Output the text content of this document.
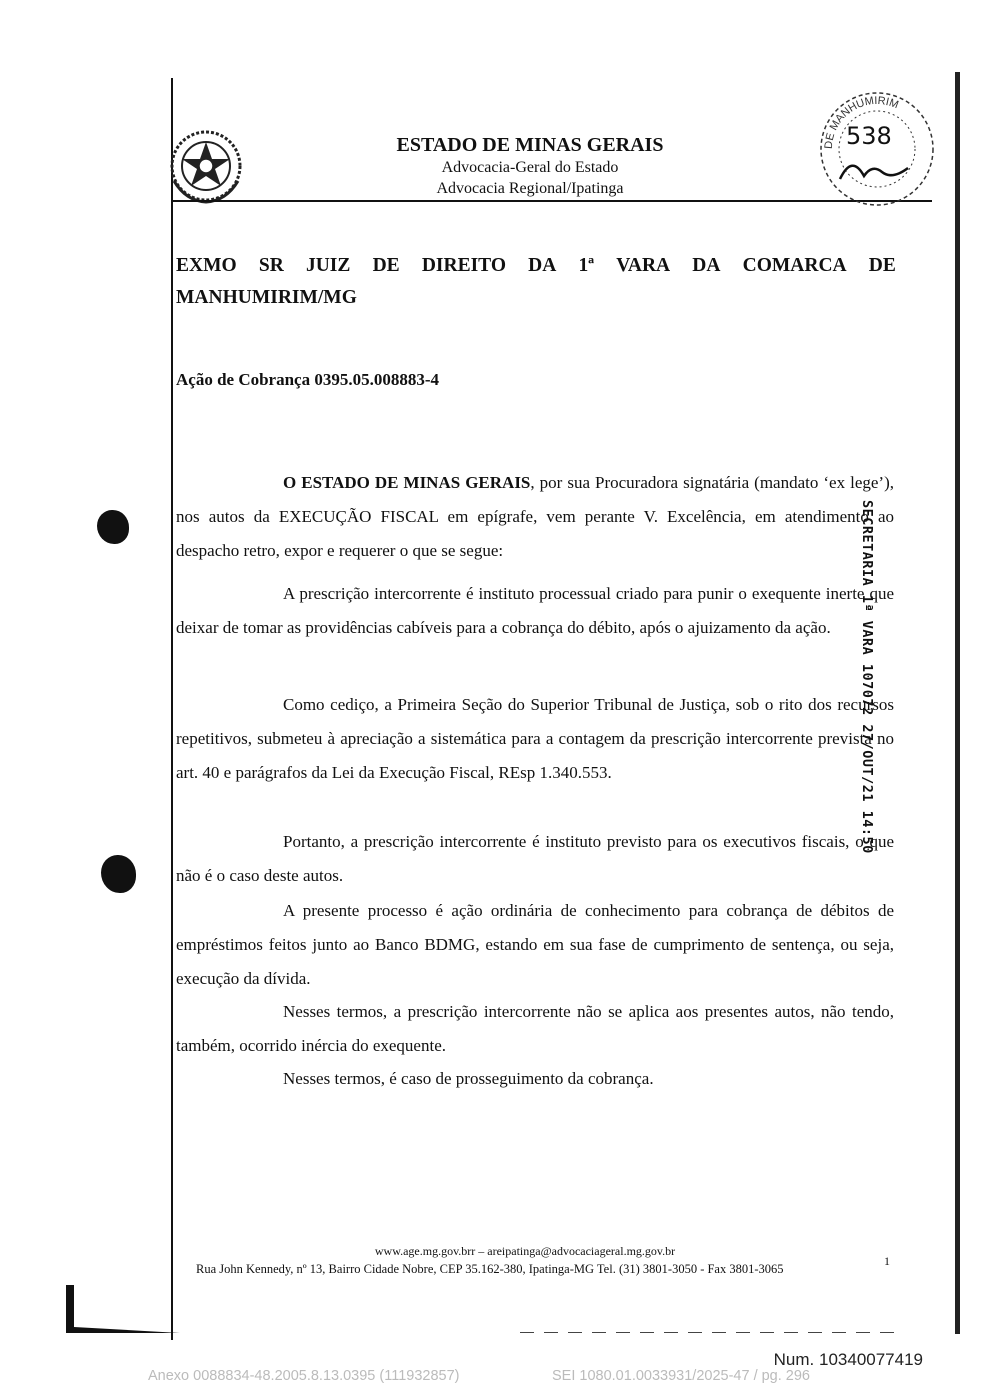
ESTADO DE MINAS GERAIS
Advocacia-Geral do Estado
Advocacia Regional/Ipatinga
DE MANHUMIRIM
538
EXMO SR JUIZ DE DIREITO DA 1ª VARA DA COMARCA DE
MANHUMIRIM/MG
Ação de Cobrança 0395.05.008883-4
O ESTADO DE MINAS GERAIS, por sua Procuradora signatária (mandato ‘ex lege’), nos autos da EXECUÇÃO FISCAL em epígrafe, vem perante V. Excelência, em atendimento ao despacho retro, expor e requerer o que se segue:
A prescrição intercorrente é instituto processual criado para punir o exequente inerte que deixar de tomar as providências cabíveis para a cobrança do débito, após o ajuizamento da ação.
Como cediço, a Primeira Seção do Superior Tribunal de Justiça, sob o rito dos recursos repetitivos, submeteu à apreciação a sistemática para a contagem da prescrição intercorrente prevista no art. 40 e parágrafos da Lei da Execução Fiscal, REsp 1.340.553.
Portanto, a prescrição intercorrente é instituto previsto para os executivos fiscais, o que não é o caso deste autos.
A presente processo é ação ordinária de conhecimento para cobrança de débitos de empréstimos feitos junto ao Banco BDMG, estando em sua fase de cumprimento de sentença, ou seja, execução da dívida.
Nesses termos, a prescrição intercorrente não se aplica aos presentes autos, não tendo, também, ocorrido inércia do exequente.
Nesses termos, é caso de prosseguimento da cobrança.
SECRETARIA 1ª VARA 107072 27/OUT/21 14:50
www.age.mg.gov.brr – areipatinga@advocaciageral.mg.gov.br
Rua John Kennedy, nº 13, Bairro Cidade Nobre, CEP 35.162-380, Ipatinga-MG Tel. (31) 3801-3050 - Fax 3801-3065
1
Num. 10340077419
Anexo 0088834-48.2005.8.13.0395 (111932857)	SEI 1080.01.0033931/2025-47 / pg. 296
